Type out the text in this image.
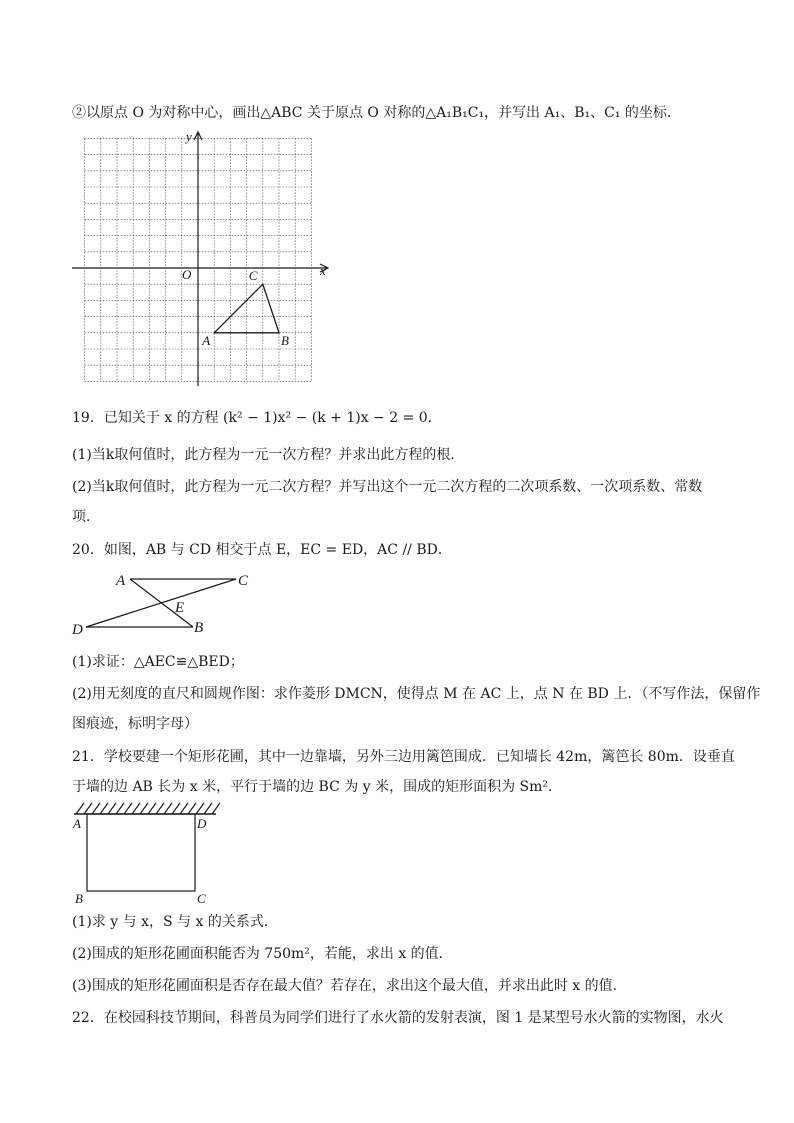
②以原点 O 为对称中心，画出△ABC 关于原点 O 对称的△A₁B₁C₁，并写出 A₁、B₁、C₁ 的坐标．
x
y
O
A	B
C
19．已知关于 x 的方程 (k² − 1)x² − (k + 1)x − 2 = 0．
(1)当k取何值时，此方程为一元一次方程？并求出此方程的根．
(2)当k取何值时，此方程为一元二次方程？并写出这个一元二次方程的二次项系数、一次项系数、常数
项．
20．如图，AB 与 CD 相交于点 E，EC = ED，AC // BD．
A	C
E
D	B
(1)求证：△AEC≌△BED；
(2)用无刻度的直尺和圆规作图：求作菱形 DMCN，使得点 M 在 AC 上，点 N 在 BD 上．（不写作法，保留作
图痕迹，标明字母）
21．学校要建一个矩形花圃，其中一边靠墙，另外三边用篱笆围成．已知墙长 42m，篱笆长 80m．设垂直
于墙的边 AB 长为 x 米，平行于墙的边 BC 为 y 米，围成的矩形面积为 Sm²．
A	D
B	C
(1)求 y 与 x，S 与 x 的关系式．
(2)围成的矩形花圃面积能否为 750m²，若能，求出 x 的值．
(3)围成的矩形花圃面积是否存在最大值？若存在，求出这个最大值，并求出此时 x 的值．
22．在校园科技节期间，科普员为同学们进行了水火箭的发射表演，图 1 是某型号水火箭的实物图，水火
